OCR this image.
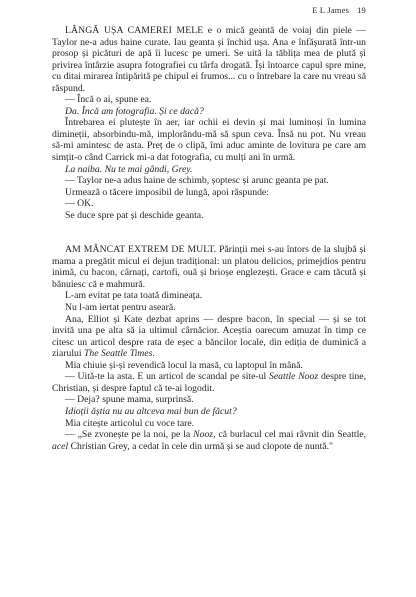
E L James 19

LÂNGĂ UȘA CAMEREI MELE e o mică geantă de voiaj din piele — Taylor ne-a adus haine curate. Iau geanta și închid ușa. Ana e înfășurată într-un prosop și picături de apă îi lucesc pe umeri. Se uită la tăblița mea de plută și privirea întârzie asupra fotografiei cu târfa drogată. Își întoarce capul spre mine, cu ditai mirarea întipărită pe chipul ei frumos... cu o întrebare la care nu vreau să răspund.

— Încă o ai, spune ea.

Da. Încă am fotografia. Și ce dacă?

Întrebarea ei plutește în aer, iar ochii ei devin și mai luminoși în lumina dimineții, absorbindu-mă, implorându-mă să spun ceva. Însă nu pot. Nu vreau să-mi amintesc de asta. Preț de o clipă, îmi aduc aminte de lovitura pe care am simțit-o când Carrick mi-a dat fotografia, cu mulți ani în urmă.

La naiba. Nu te mai gândi, Grey.

— Taylor ne-a adus haine de schimb, șoptesc și arunc geanta pe pat.

Urmează o tăcere imposibil de lungă, apoi răspunde:

— OK.

Se duce spre pat și deschide geanta.

AM MÂNCAT EXTREM DE MULT. Părinții mei s-au întors de la slujbă și mama a pregătit micul ei dejun tradițional: un platou delicios, primejdios pentru inimă, cu bacon, cârnați, cartofi, ouă și brioșe englezești. Grace e cam tăcută și bănuiesc că e mahmură.

L-am evitat pe tata toată dimineața.

Nu l-am iertat pentru aseară.

Ana, Elliot și Kate dezbat aprins — despre bacon, în special — și se tot invită una pe alta să ia ultimul cârnăcior. Aceștia oarecum amuzat în timp ce citesc un articol despre rata de eșec a băncilor locale, din ediția de duminică a ziarului The Seattle Times.

Mia chiuie și-și revendică locul la masă, cu laptopul în mână.

— Uită-te la asta. E un articol de scandal pe site-ul Seattle Nooz despre tine, Christian, și despre faptul că te-ai logodit.

— Deja? spune mama, surprinsă.

Idioții ăștia nu au altceva mai bun de făcut?

Mia citește articolul cu voce tare.

— „Se zvonește pe la noi, pe la Nooz, că burlacul cel mai râvnit din Seattle, acel Christian Grey, a cedat în cele din urmă și se aud clopote de nuntă."
